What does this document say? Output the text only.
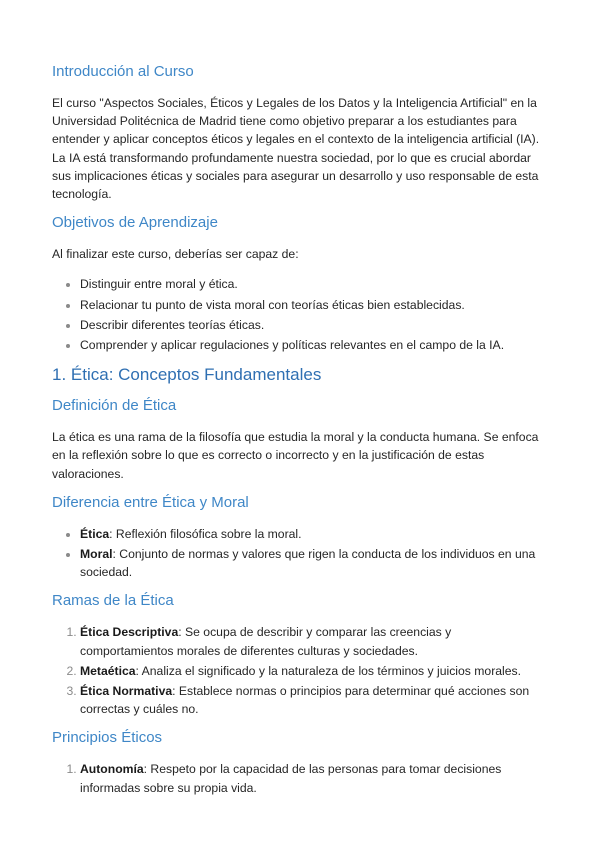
Introducción al Curso

El curso "Aspectos Sociales, Éticos y Legales de los Datos y la Inteligencia Artificial" en la Universidad Politécnica de Madrid tiene como objetivo preparar a los estudiantes para entender y aplicar conceptos éticos y legales en el contexto de la inteligencia artificial (IA). La IA está transformando profundamente nuestra sociedad, por lo que es crucial abordar sus implicaciones éticas y sociales para asegurar un desarrollo y uso responsable de esta tecnología.

Objetivos de Aprendizaje

Al finalizar este curso, deberías ser capaz de:

• Distinguir entre moral y ética.
• Relacionar tu punto de vista moral con teorías éticas bien establecidas.
• Describir diferentes teorías éticas.
• Comprender y aplicar regulaciones y políticas relevantes en el campo de la IA.
1. Ética: Conceptos Fundamentales
Definición de Ética

La ética es una rama de la filosofía que estudia la moral y la conducta humana. Se enfoca en la reflexión sobre lo que es correcto o incorrecto y en la justificación de estas valoraciones.

Diferencia entre Ética y Moral
• Ética: Reflexión filosófica sobre la moral.
• Moral: Conjunto de normas y valores que rigen la conducta de los individuos en una sociedad.
Ramas de la Ética
1. Ética Descriptiva: Se ocupa de describir y comparar las creencias y comportamientos morales de diferentes culturas y sociedades.
2. Metaética: Analiza el significado y la naturaleza de los términos y juicios morales.
3. Ética Normativa: Establece normas o principios para determinar qué acciones son correctas y cuáles no.
Principios Éticos
1. Autonomía: Respeto por la capacidad de las personas para tomar decisiones informadas sobre su propia vida.
